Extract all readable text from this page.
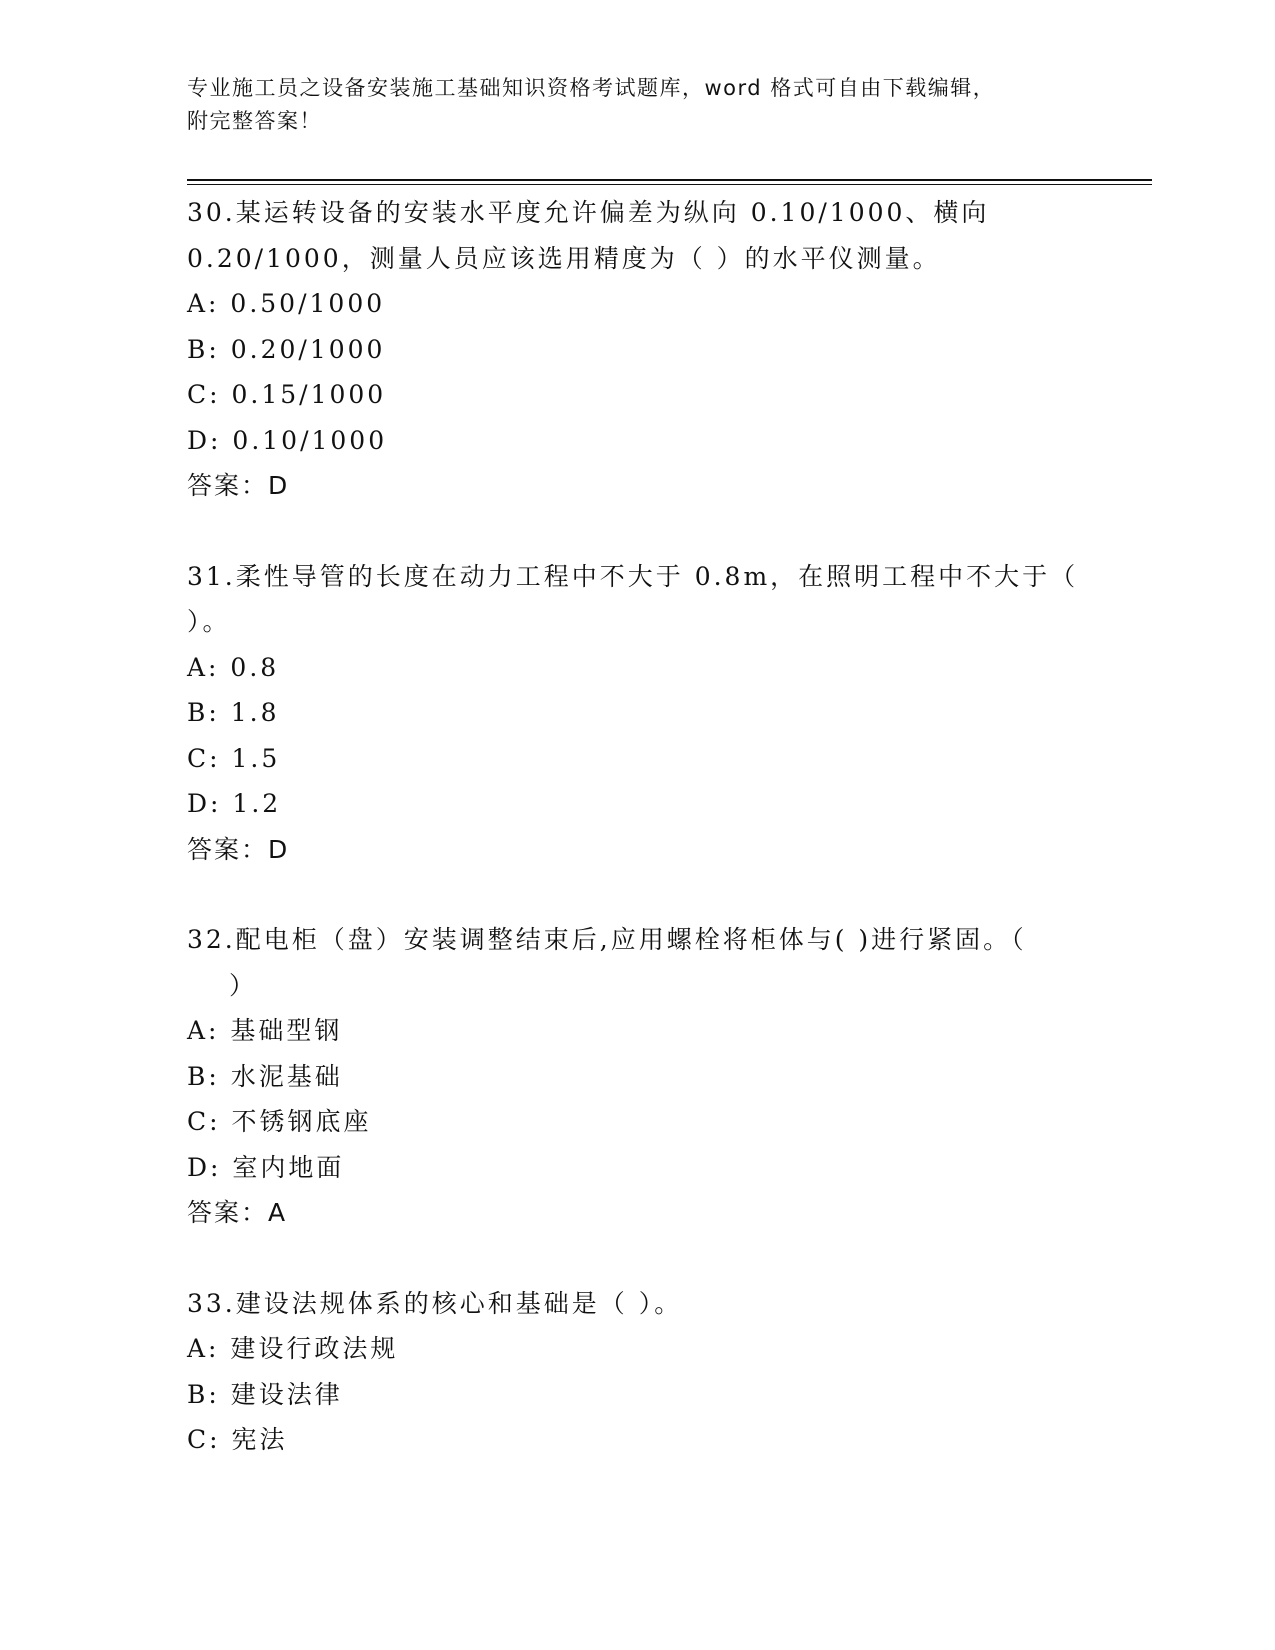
专业施工员之设备安装施工基础知识资格考试题库，word 格式可自由下载编辑，
附完整答案！
30.某运转设备的安装水平度允许偏差为纵向 0.10/1000、横向
0.20/1000，测量人员应该选用精度为（ ）的水平仪测量。
A: 0.50/1000
B: 0.20/1000
C: 0.15/1000
D: 0.10/1000
答案：D
31.柔性导管的长度在动力工程中不大于 0.8m，在照明工程中不大于（
）。
A: 0.8
B: 1.8
C: 1.5
D: 1.2
答案：D
32.配电柜（盘）安装调整结束后,应用螺栓将柜体与( )进行紧固。（
）
A: 基础型钢
B: 水泥基础
C: 不锈钢底座
D: 室内地面
答案：A
33.建设法规体系的核心和基础是（ ）。
A: 建设行政法规
B: 建设法律
C: 宪法
